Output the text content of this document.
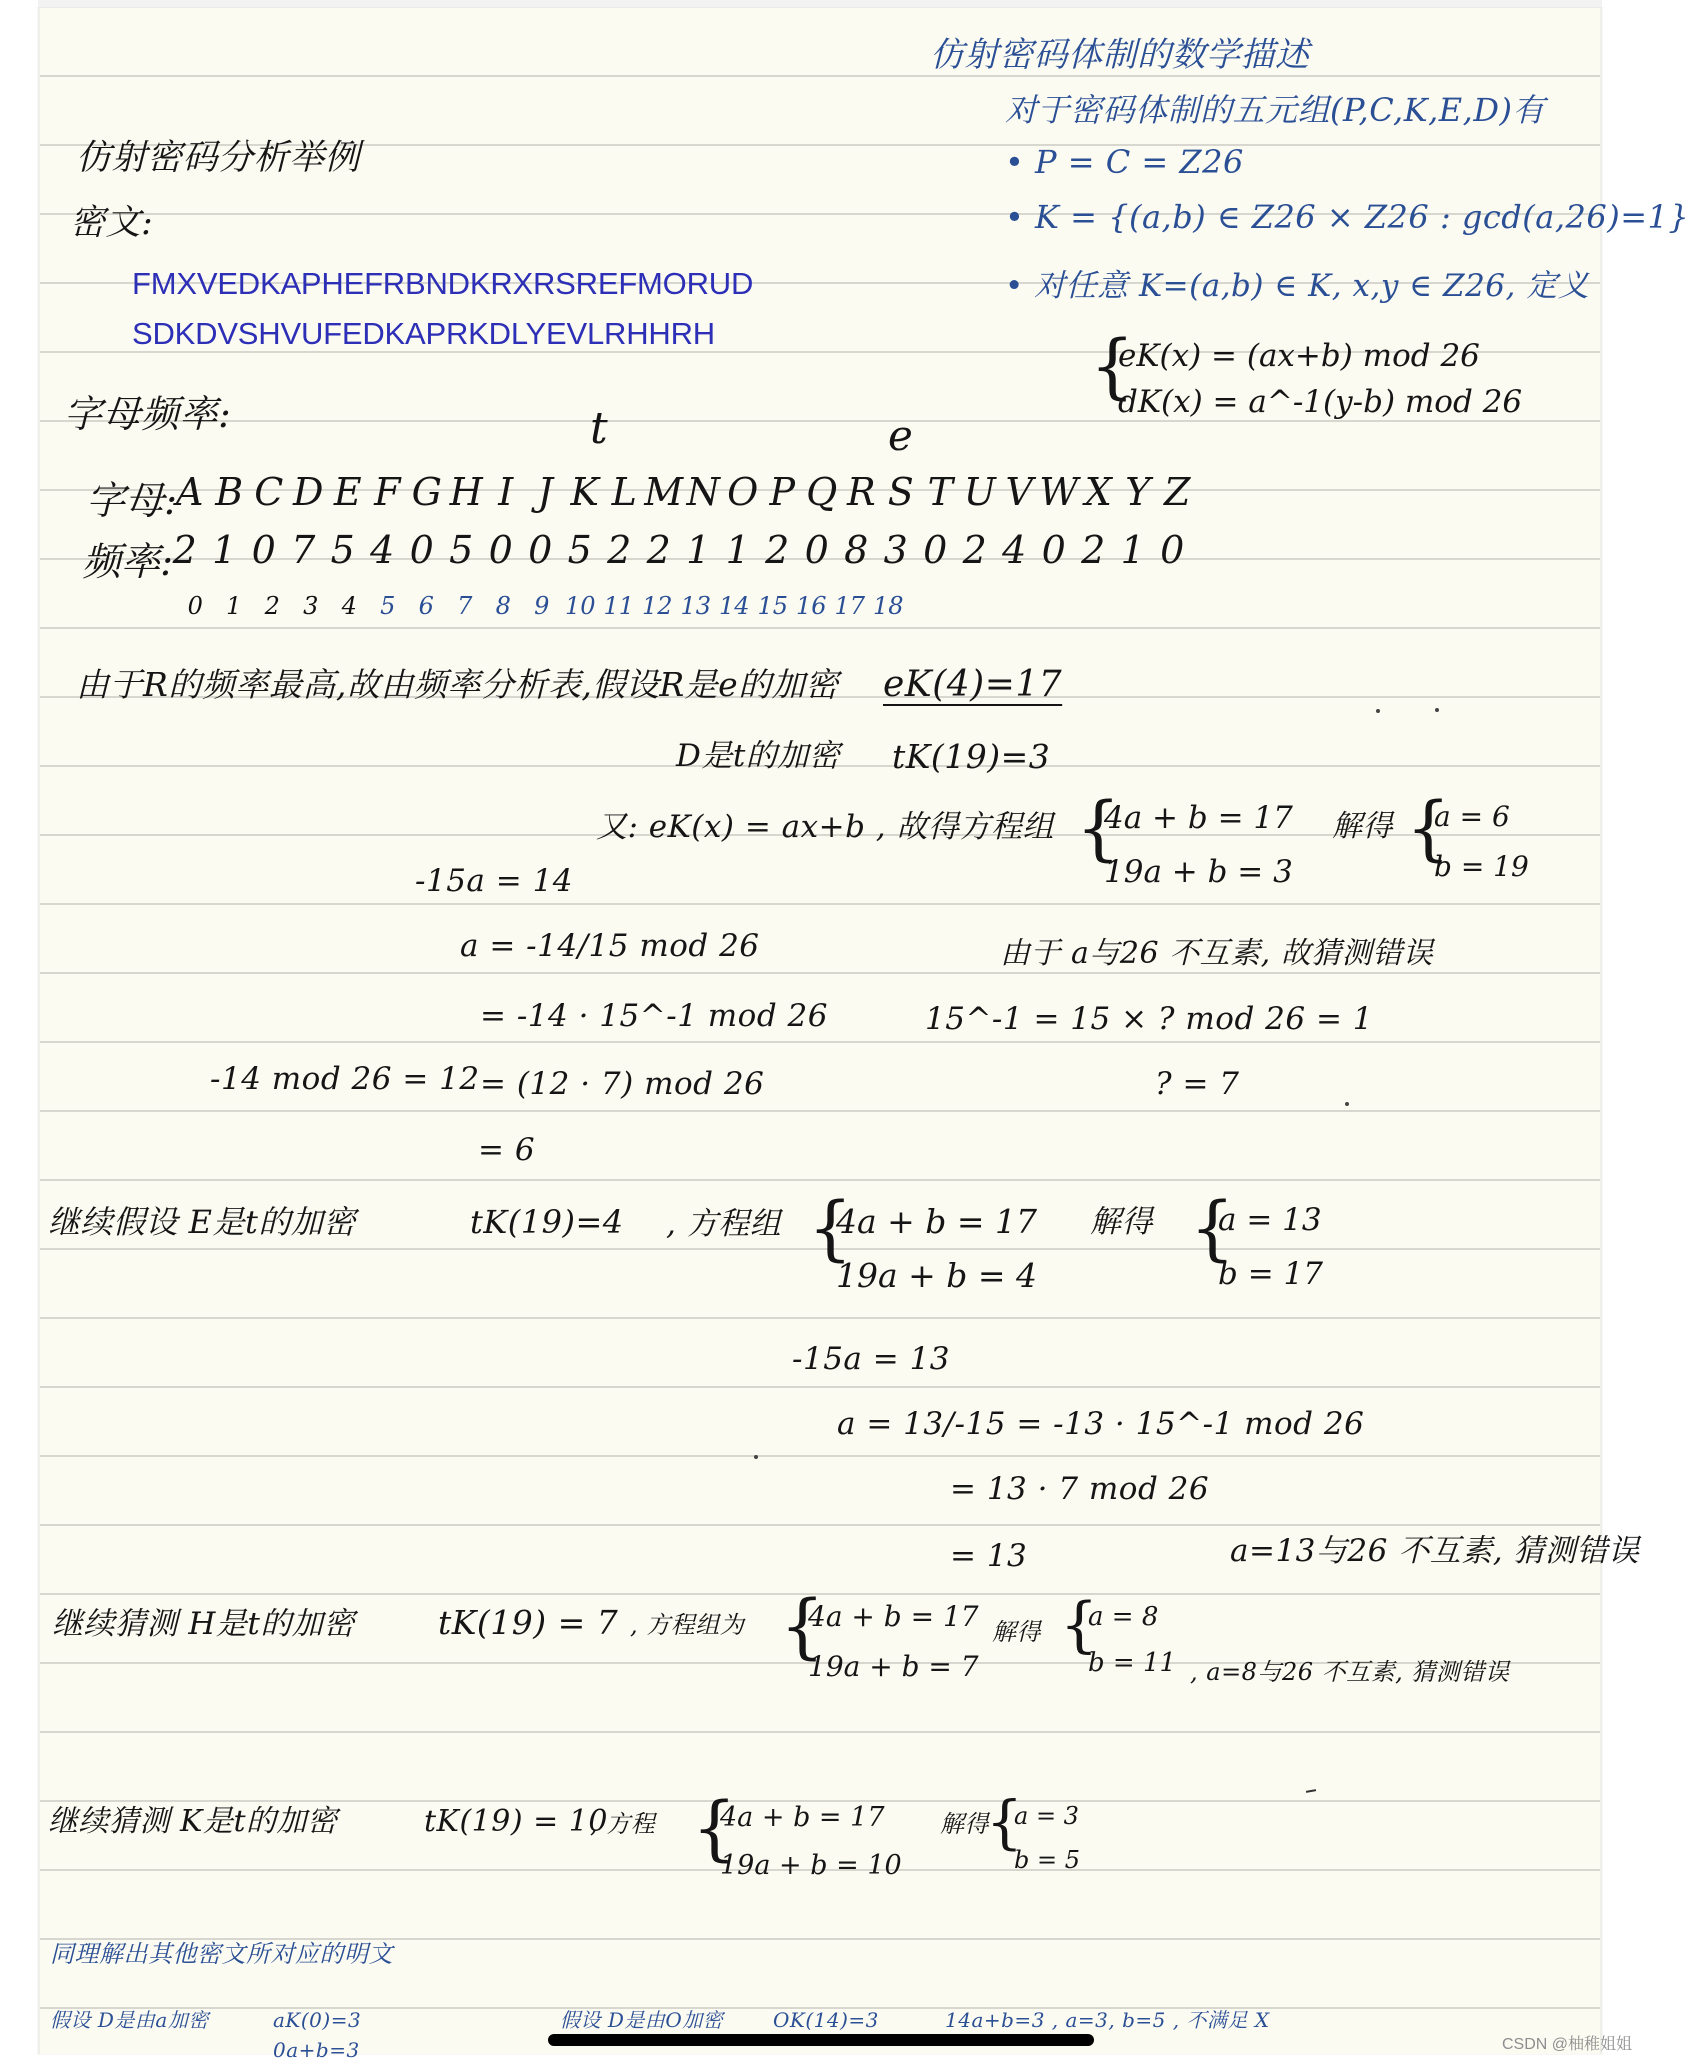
仿射密码体制的数学描述
对于密码体制的五元组(P,C,K,E,D)有
• P = C = Z26
• K = {(a,b) ∈ Z26 × Z26 : gcd(a,26)=1}
• 对任意 K=(a,b) ∈ K, x,y ∈ Z26, 定义
{
eK(x) = (ax+b) mod 26
dK(x) = a^-1(y-b) mod 26
仿射密码分析举例
密文:
FMXVEDKAPHEFRBNDKRXRSREFMORUD
SDKDVSHVUFEDKAPRKDLYEVLRHHRH
字母频率:	t	e
字母:
A B C D E F G H I J K L M N O P Q R S T U V W X Y Z
频率: 2 1 0 7 5 4 0 5 0 0 5 2 2 1 1 2 0 8 3 0 2 4 0 2 1 0
0 1 2 3 4 5 6 7 8 9 10 11 12 13 14 15 16 17 18
由于R的频率最高,故由频率分析表,假设R是e的加密 eK(4)=17
D是t的加密 tK(19)=3
又: eK(x) = ax+b , 故得方程组 {
4a + b = 17
19a + b = 3
解得 {
a = 6
b = 19
-15a = 14
a = -14/15 mod 26	由于 a与26 不互素, 故猜测错误
= -14 · 15^-1 mod 26	15^-1 = 15 × ? mod 26 = 1
-14 mod 26 = 12 = (12 · 7) mod 26	? = 7
= 6
继续假设 E是t的加密	tK(19)=4 , 方程组 {
4a + b = 17
19a + b = 4
解得 {
a = 13
b = 17
-15a = 13
a = 13/-15 = -13 · 15^-1 mod 26
= 13 · 7 mod 26
= 13	a=13与26 不互素, 猜测错误
继续猜测 H是t的加密	tK(19) = 7 , 方程组为 {
4a + b = 17
19a + b = 7
解得 {
a = 8
b = 11 , a=8与26 不互素, 猜测错误
继续猜测 K是t的加密	tK(19) = 10
, 方程 {
4a + b = 17
19a + b = 10
解得
{
a = 3
b = 5
同理解出其他密文所对应的明文
假设 D是由a加密	aK(0)=3
0a+b=3
假设 D是由O加密 OK(14)=3	14a+b=3 , a=3, b=5 , 不满足 X
CSDN @柚稚姐姐
